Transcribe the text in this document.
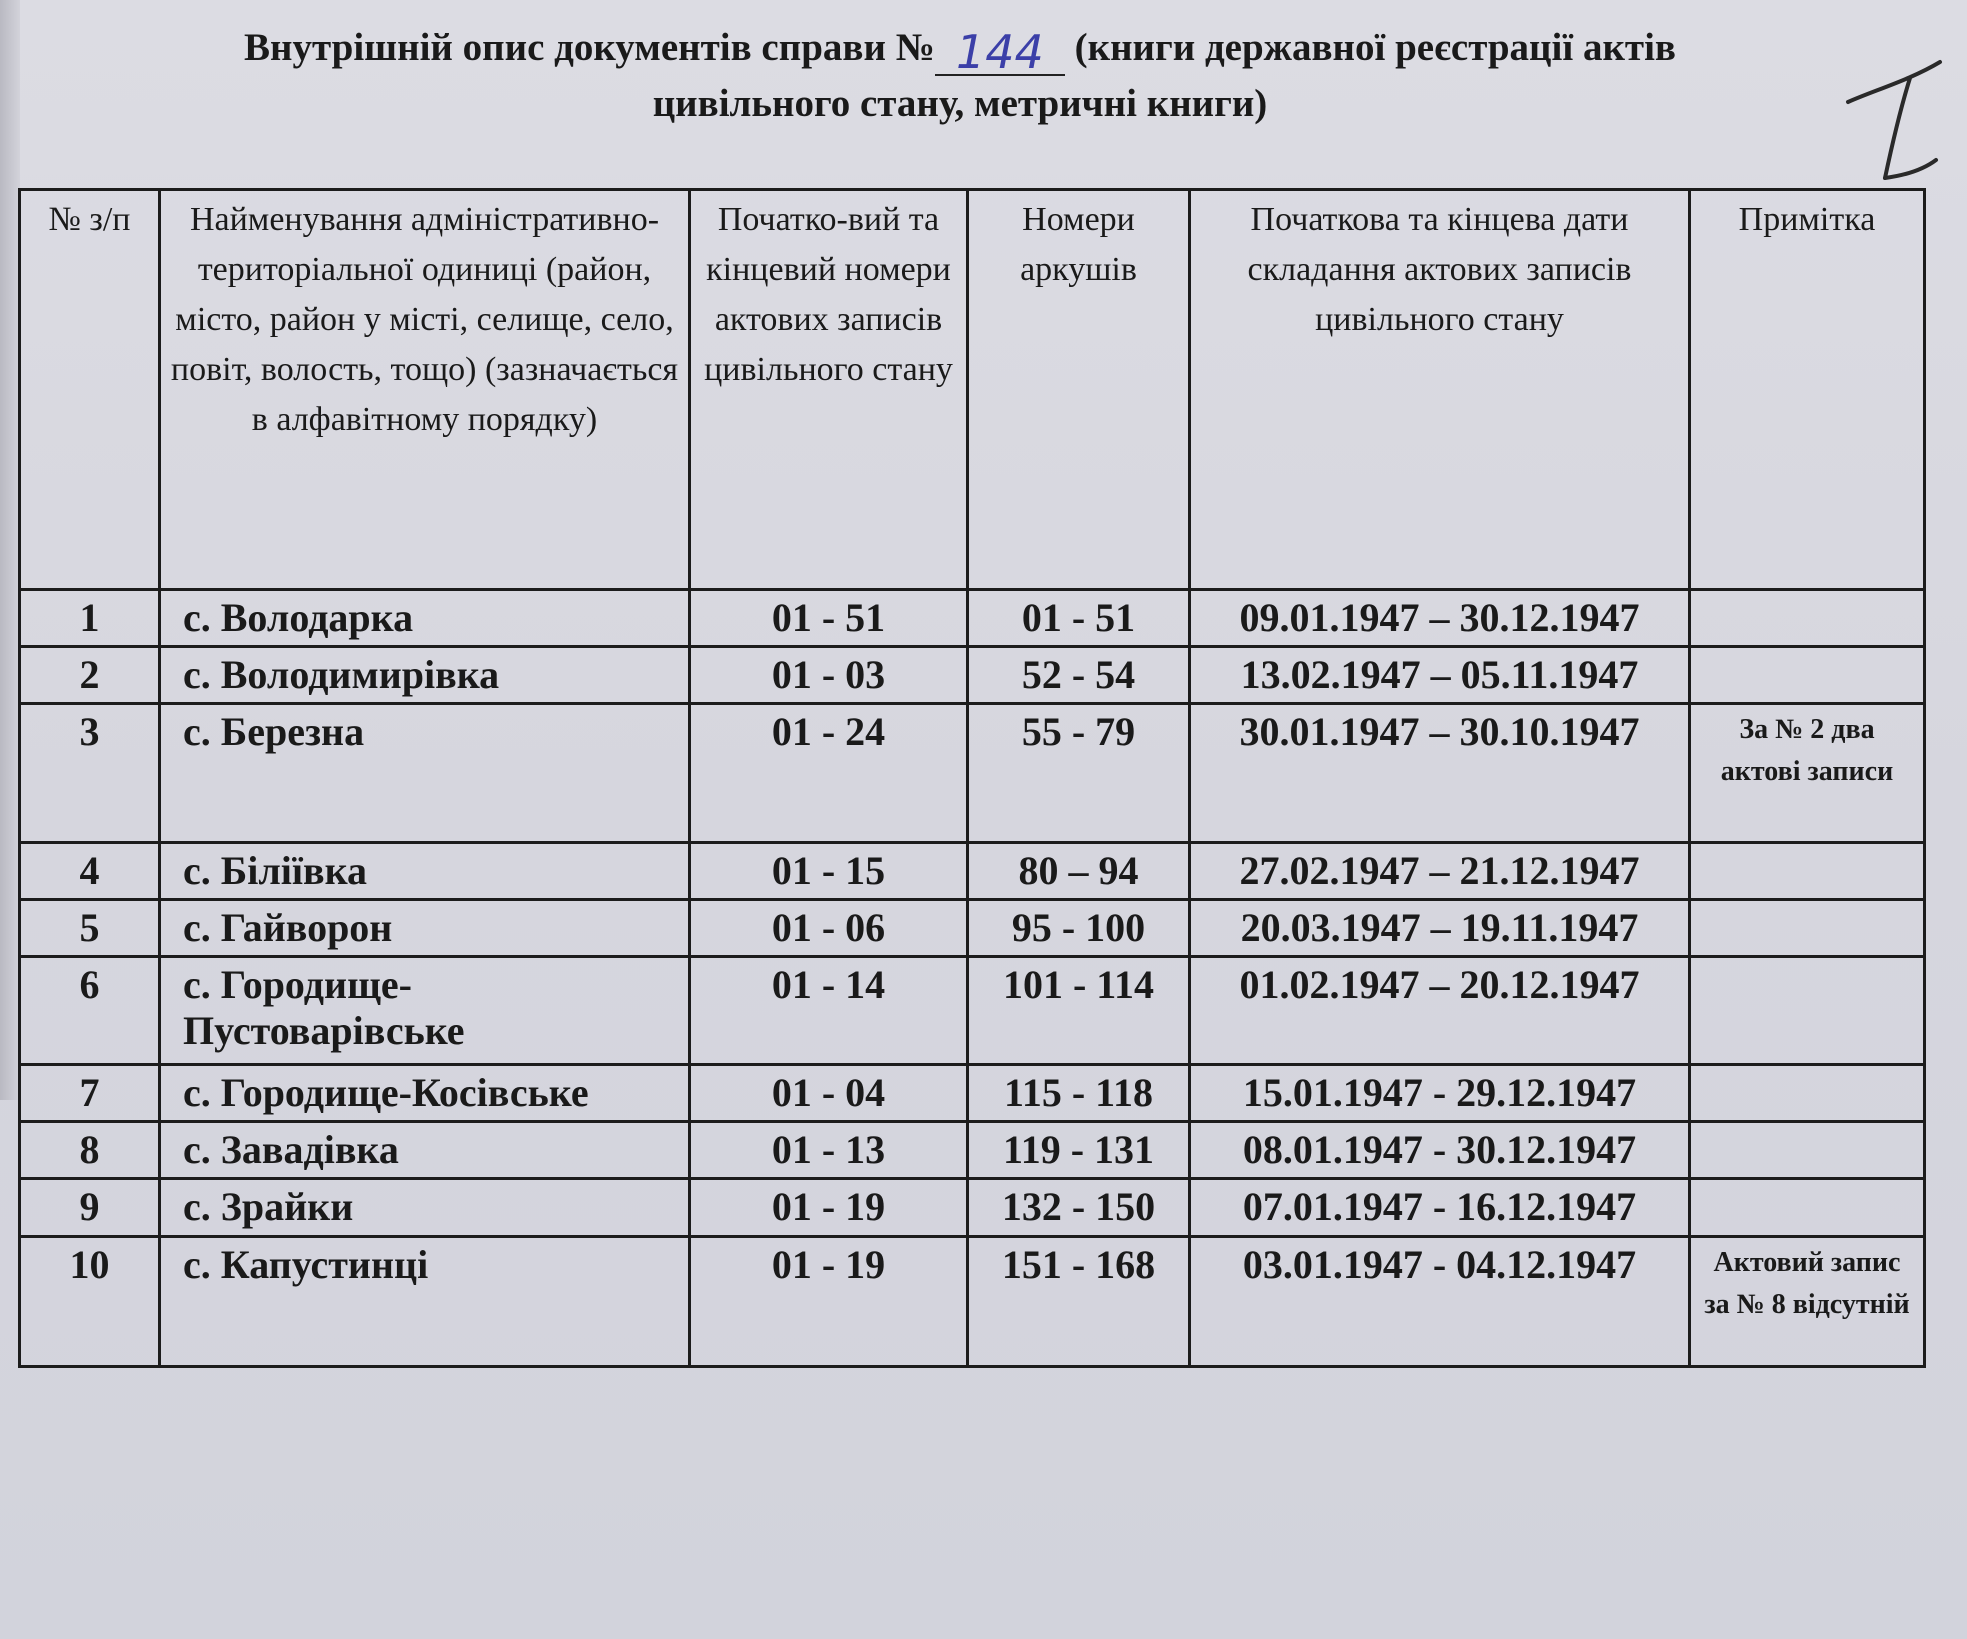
Внутрішній опис документів справи № 144 (книги державної реєстрації актів
цивільного стану, метричні книги)
№ з/п	Найменування адміністративно-територіальної одиниці (район, місто, район у місті, селище, село, повіт, волость, тощо) (зазначається в алфавітному порядку)	Початко-вий та кінцевий номери актових записів цивільного стану	Номери аркушів	Початкова та кінцева дати складання актових записів цивільного стану	Примітка
1	с. Володарка	01 - 51	01 - 51	09.01.1947 – 30.12.1947	
2	с. Володимирівка	01 - 03	52 - 54	13.02.1947 – 05.11.1947	
3	с. Березна	01 - 24	55 - 79	30.01.1947 – 30.10.1947	За № 2 два актові записи
4	с. Біліївка	01 - 15	80 – 94	27.02.1947 – 21.12.1947	
5	с. Гайворон	01 - 06	95 - 100	20.03.1947 – 19.11.1947	
6	с. Городище-Пустоварівське	01 - 14	101 - 114	01.02.1947 – 20.12.1947	
7	с. Городище-Косівське	01 - 04	115 - 118	15.01.1947 - 29.12.1947	
8	с. Завадівка	01 - 13	119 - 131	08.01.1947 - 30.12.1947	
9	с. Зрайки	01 - 19	132 - 150	07.01.1947 - 16.12.1947	
10	с. Капустинці	01 - 19	151 - 168	03.01.1947 - 04.12.1947	Актовий запис за № 8 відсутній
